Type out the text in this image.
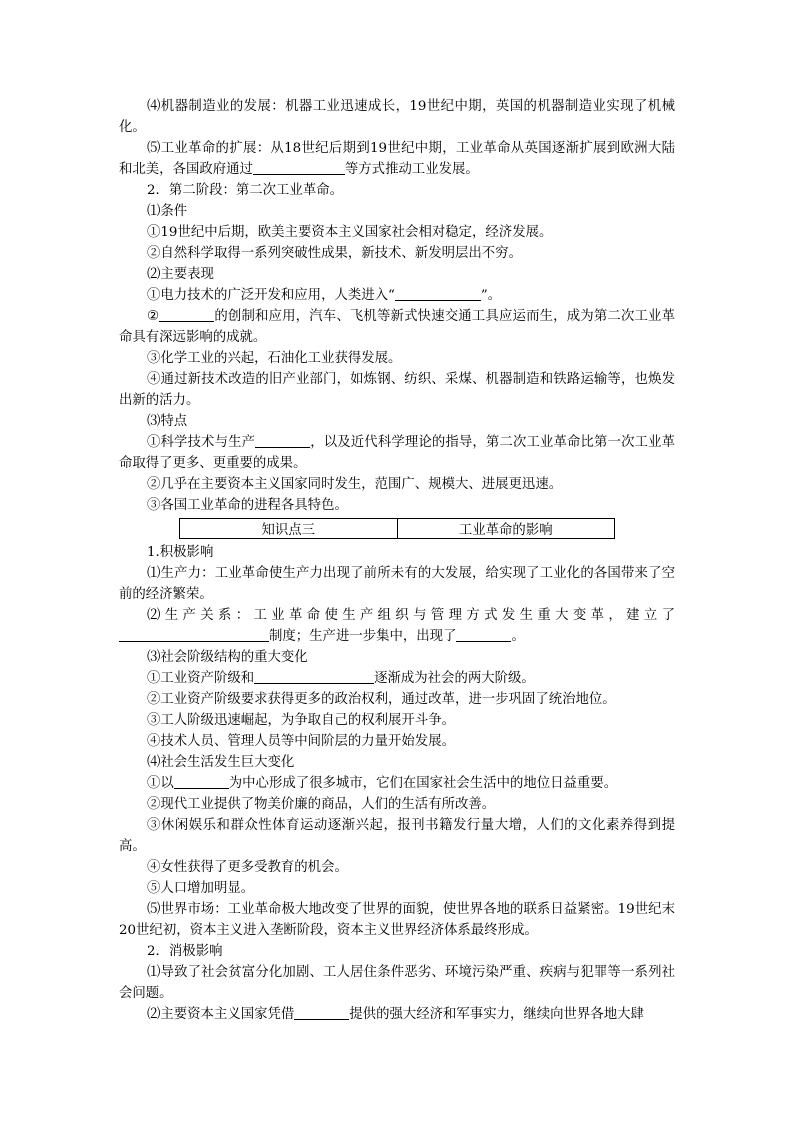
⑷机器制造业的发展：机器工业迅速成长，19世纪中期，英国的机器制造业实现了机械化。

⑸工业革命的扩展：从18世纪后期到19世纪中期，工业革命从英国逐渐扩展到欧洲大陆和北美，各国政府通过	等方式推动工业发展。

2．第二阶段：第二次工业革命。

⑴条件

①19世纪中后期，欧美主要资本主义国家社会相对稳定，经济发展。

②自然科学取得一系列突破性成果，新技术、新发明层出不穷。

⑵主要表现

①电力技术的广泛开发和应用，人类进入“	”。

②	的创制和应用，汽车、飞机等新式快速交通工具应运而生，成为第二次工业革命具有深远影响的成就。

③化学工业的兴起，石油化工业获得发展。

④通过新技术改造的旧产业部门，如炼钢、纺织、采煤、机器制造和铁路运输等，也焕发出新的活力。

⑶特点

①科学技术与生产	，以及近代科学理论的指导，第二次工业革命比第一次工业革命取得了更多、更重要的成果。

②几乎在主要资本主义国家同时发生，范围广、规模大、进展更迅速。

③各国工业革命的进程各具特色。

知识点三	工业革命的影响

1.积极影响

⑴生产力：工业革命使生产力出现了前所未有的大发展，给实现了工业化的各国带来了空前的经济繁荣。

⑵生产关系：工业革命使生产组织与管理方式发生重大变革，建立了制度；生产进一步集中，出现了	。

⑶社会阶级结构的重大变化

①工业资产阶级和	逐渐成为社会的两大阶级。

②工业资产阶级要求获得更多的政治权利，通过改革，进一步巩固了统治地位。

③工人阶级迅速崛起，为争取自己的权利展开斗争。

④技术人员、管理人员等中间阶层的力量开始发展。

⑷社会生活发生巨大变化

①以	为中心形成了很多城市，它们在国家社会生活中的地位日益重要。

②现代工业提供了物美价廉的商品，人们的生活有所改善。

③休闲娱乐和群众性体育运动逐渐兴起，报刊书籍发行量大增，人们的文化素养得到提高。

④女性获得了更多受教育的机会。

⑤人口增加明显。

⑸世界市场：工业革命极大地改变了世界的面貌，使世界各地的联系日益紧密。19世纪末20世纪初，资本主义进入垄断阶段，资本主义世界经济体系最终形成。

2．消极影响

⑴导致了社会贫富分化加剧、工人居住条件恶劣、环境污染严重、疾病与犯罪等一系列社会问题。

⑵主要资本主义国家凭借	提供的强大经济和军事实力，继续向世界各地大肆
